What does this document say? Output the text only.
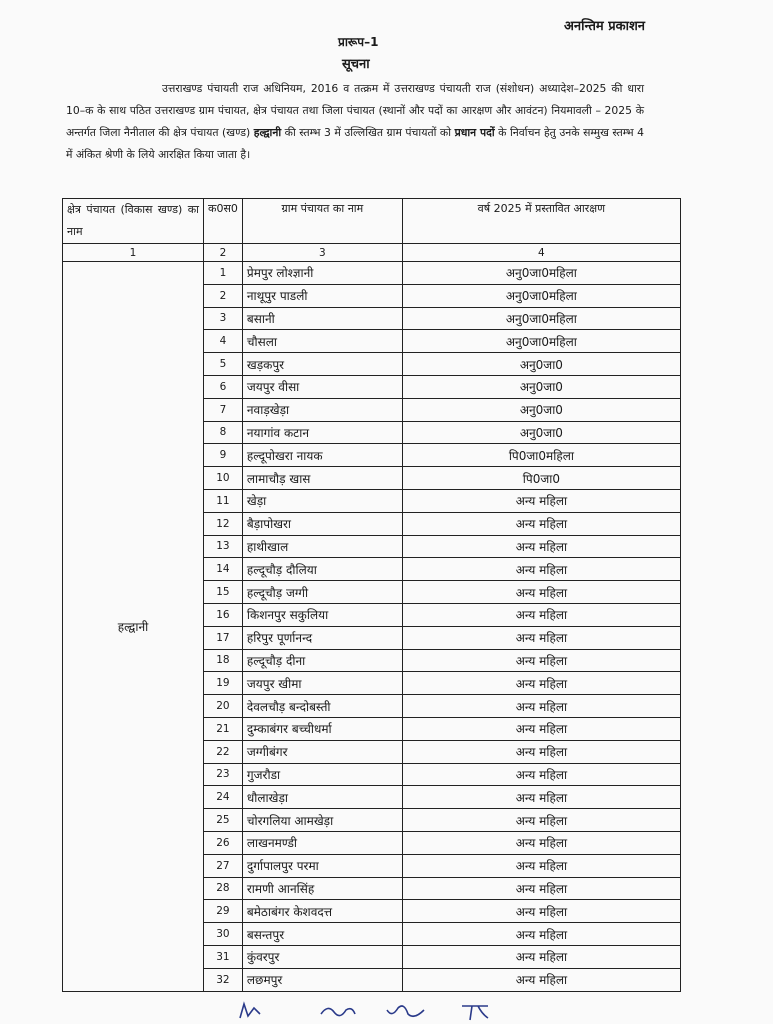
अनन्तिम प्रकाशन
प्रारूप–1
सूचना
उत्तराखण्ड पंचायती राज अधिनियम, 2016 व तत्क्रम में उत्तराखण्ड पंचायती राज (संशोधन) अध्यादेश–2025 की धारा 10–क के साथ पठित उत्तराखण्ड ग्राम पंचायत, क्षेत्र पंचायत तथा जिला पंचायत (स्थानों और पदों का आरक्षण और आवंटन) नियमावली – 2025 के अन्तर्गत जिला नैनीताल की क्षेत्र पंचायत (खण्ड) हल्द्वानी की स्तम्भ 3 में उल्लिखित ग्राम पंचायतों को प्रधान पदों के निर्वाचन हेतु उनके सम्मुख स्तम्भ 4 में अंकित श्रेणी के लिये आरक्षित किया जाता है।
क्षेत्र पंचायत (विकास खण्ड) का नाम	क0स0	ग्राम पंचायत का नाम	वर्ष 2025 में प्रस्तावित आरक्षण
1	2	3	4
हल्द्वानी	1	प्रेमपुर लोश्ज्ञानी	अनु0जा0महिला
	2	नाथूपुर पाडली	अनु0जा0महिला
	3	बसानी	अनु0जा0महिला
	4	चौसला	अनु0जा0महिला
	5	खड़कपुर	अनु0जा0
	6	जयपुर वीसा	अनु0जा0
	7	नवाड़खेड़ा	अनु0जा0
	8	नयागांव कटान	अनु0जा0
	9	हल्दूपोखरा नायक	पि0जा0महिला
	10	लामाचौड़ खास	पि0जा0
	11	खेड़ा	अन्य महिला
	12	बैड़ापोखरा	अन्य महिला
	13	हाथीखाल	अन्य महिला
	14	हल्दूचौड़ दौलिया	अन्य महिला
	15	हल्दूचौड़ जग्गी	अन्य महिला
	16	किशनपुर सकुलिया	अन्य महिला
	17	हरिपुर पूर्णानन्द	अन्य महिला
	18	हल्दूचौड़ दीना	अन्य महिला
	19	जयपुर खीमा	अन्य महिला
	20	देवलचौड़ बन्दोबस्ती	अन्य महिला
	21	दुम्काबंगर बच्चीधर्मा	अन्य महिला
	22	जग्गीबंगर	अन्य महिला
	23	गुजरौडा	अन्य महिला
	24	धौलाखेड़ा	अन्य महिला
	25	चोरगलिया आमखेड़ा	अन्य महिला
	26	लाखनमण्डी	अन्य महिला
	27	दुर्गापालपुर परमा	अन्य महिला
	28	रामणी आनसिंह	अन्य महिला
	29	बमेठाबंगर केशवदत्त	अन्य महिला
	30	बसन्तपुर	अन्य महिला
	31	कुंवरपुर	अन्य महिला
	32	लछमपुर	अन्य महिला
